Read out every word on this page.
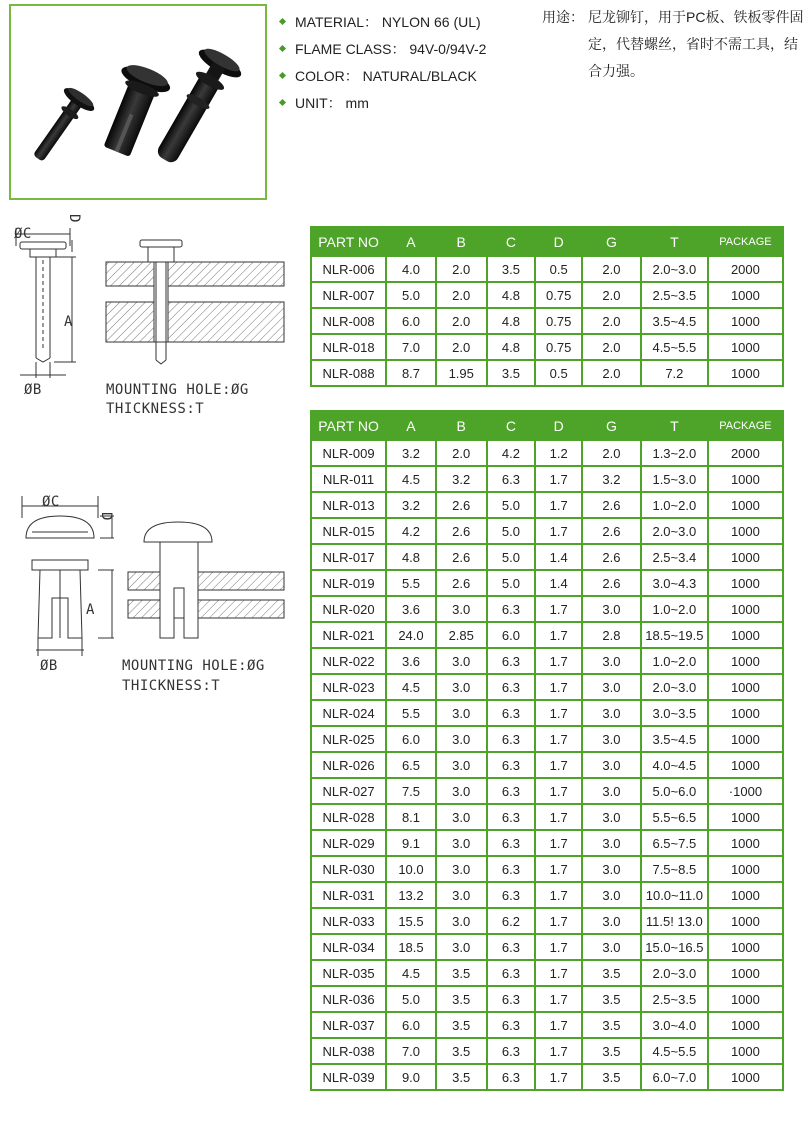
MATERIAL： NYLON 66 (UL)
FLAME CLASS： 94V-0/94V-2
COLOR： NATURAL/BLACK
UNIT： mm
用途： 尼龙铆钉，用于PC板、铁板零件固定，代替螺丝，省时不需工具，结合力强。
ØC
D
A
ØB	MOUNTING HOLE:ØG
THICKNESS:T
ØC
D
A
ØB	MOUNTING HOLE:ØG
THICKNESS:T
PART NO	A	B	C	D	G	T	PACKAGE
NLR-006	4.0	2.0	3.5	0.5	2.0	2.0~3.0	2000
NLR-007	5.0	2.0	4.8	0.75	2.0	2.5~3.5	1000
NLR-008	6.0	2.0	4.8	0.75	2.0	3.5~4.5	1000
NLR-018	7.0	2.0	4.8	0.75	2.0	4.5~5.5	1000
NLR-088	8.7	1.95	3.5	0.5	2.0	7.2	1000
PART NO	A	B	C	D	G	T	PACKAGE
NLR-009	3.2	2.0	4.2	1.2	2.0	1.3~2.0	2000
NLR-011	4.5	3.2	6.3	1.7	3.2	1.5~3.0	1000
NLR-013	3.2	2.6	5.0	1.7	2.6	1.0~2.0	1000
NLR-015	4.2	2.6	5.0	1.7	2.6	2.0~3.0	1000
NLR-017	4.8	2.6	5.0	1.4	2.6	2.5~3.4	1000
NLR-019	5.5	2.6	5.0	1.4	2.6	3.0~4.3	1000
NLR-020	3.6	3.0	6.3	1.7	3.0	1.0~2.0	1000
NLR-021	24.0	2.85	6.0	1.7	2.8	18.5~19.5	1000
NLR-022	3.6	3.0	6.3	1.7	3.0	1.0~2.0	1000
NLR-023	4.5	3.0	6.3	1.7	3.0	2.0~3.0	1000
NLR-024	5.5	3.0	6.3	1.7	3.0	3.0~3.5	1000
NLR-025	6.0	3.0	6.3	1.7	3.0	3.5~4.5	1000
NLR-026	6.5	3.0	6.3	1.7	3.0	4.0~4.5	1000
NLR-027	7.5	3.0	6.3	1.7	3.0	5.0~6.0	·1000
NLR-028	8.1	3.0	6.3	1.7	3.0	5.5~6.5	1000
NLR-029	9.1	3.0	6.3	1.7	3.0	6.5~7.5	1000
NLR-030	10.0	3.0	6.3	1.7	3.0	7.5~8.5	1000
NLR-031	13.2	3.0	6.3	1.7	3.0	10.0~11.0	1000
NLR-033	15.5	3.0	6.2	1.7	3.0	11.5! 13.0	1000
NLR-034	18.5	3.0	6.3	1.7	3.0	15.0~16.5	1000
NLR-035	4.5	3.5	6.3	1.7	3.5	2.0~3.0	1000
NLR-036	5.0	3.5	6.3	1.7	3.5	2.5~3.5	1000
NLR-037	6.0	3.5	6.3	1.7	3.5	3.0~4.0	1000
NLR-038	7.0	3.5	6.3	1.7	3.5	4.5~5.5	1000
NLR-039	9.0	3.5	6.3	1.7	3.5	6.0~7.0	1000
